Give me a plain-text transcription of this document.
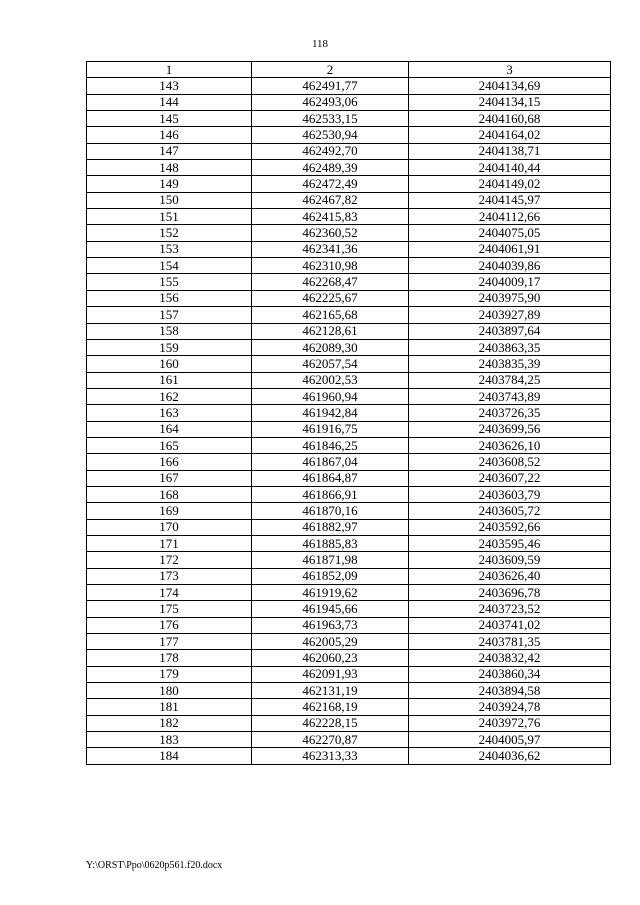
118
1	2	3
143	462491,77	2404134,69
144	462493,06	2404134,15
145	462533,15	2404160,68
146	462530,94	2404164,02
147	462492,70	2404138,71
148	462489,39	2404140,44
149	462472,49	2404149,02
150	462467,82	2404145,97
151	462415,83	2404112,66
152	462360,52	2404075,05
153	462341,36	2404061,91
154	462310,98	2404039,86
155	462268,47	2404009,17
156	462225,67	2403975,90
157	462165,68	2403927,89
158	462128,61	2403897,64
159	462089,30	2403863,35
160	462057,54	2403835,39
161	462002,53	2403784,25
162	461960,94	2403743,89
163	461942,84	2403726,35
164	461916,75	2403699,56
165	461846,25	2403626,10
166	461867,04	2403608,52
167	461864,87	2403607,22
168	461866,91	2403603,79
169	461870,16	2403605,72
170	461882,97	2403592,66
171	461885,83	2403595,46
172	461871,98	2403609,59
173	461852,09	2403626,40
174	461919,62	2403696,78
175	461945,66	2403723,52
176	461963,73	2403741,02
177	462005,29	2403781,35
178	462060,23	2403832,42
179	462091,93	2403860,34
180	462131,19	2403894,58
181	462168,19	2403924,78
182	462228,15	2403972,76
183	462270,87	2404005,97
184	462313,33	2404036,62
Y:\ORST\Ppo\0620p561.f20.docx
